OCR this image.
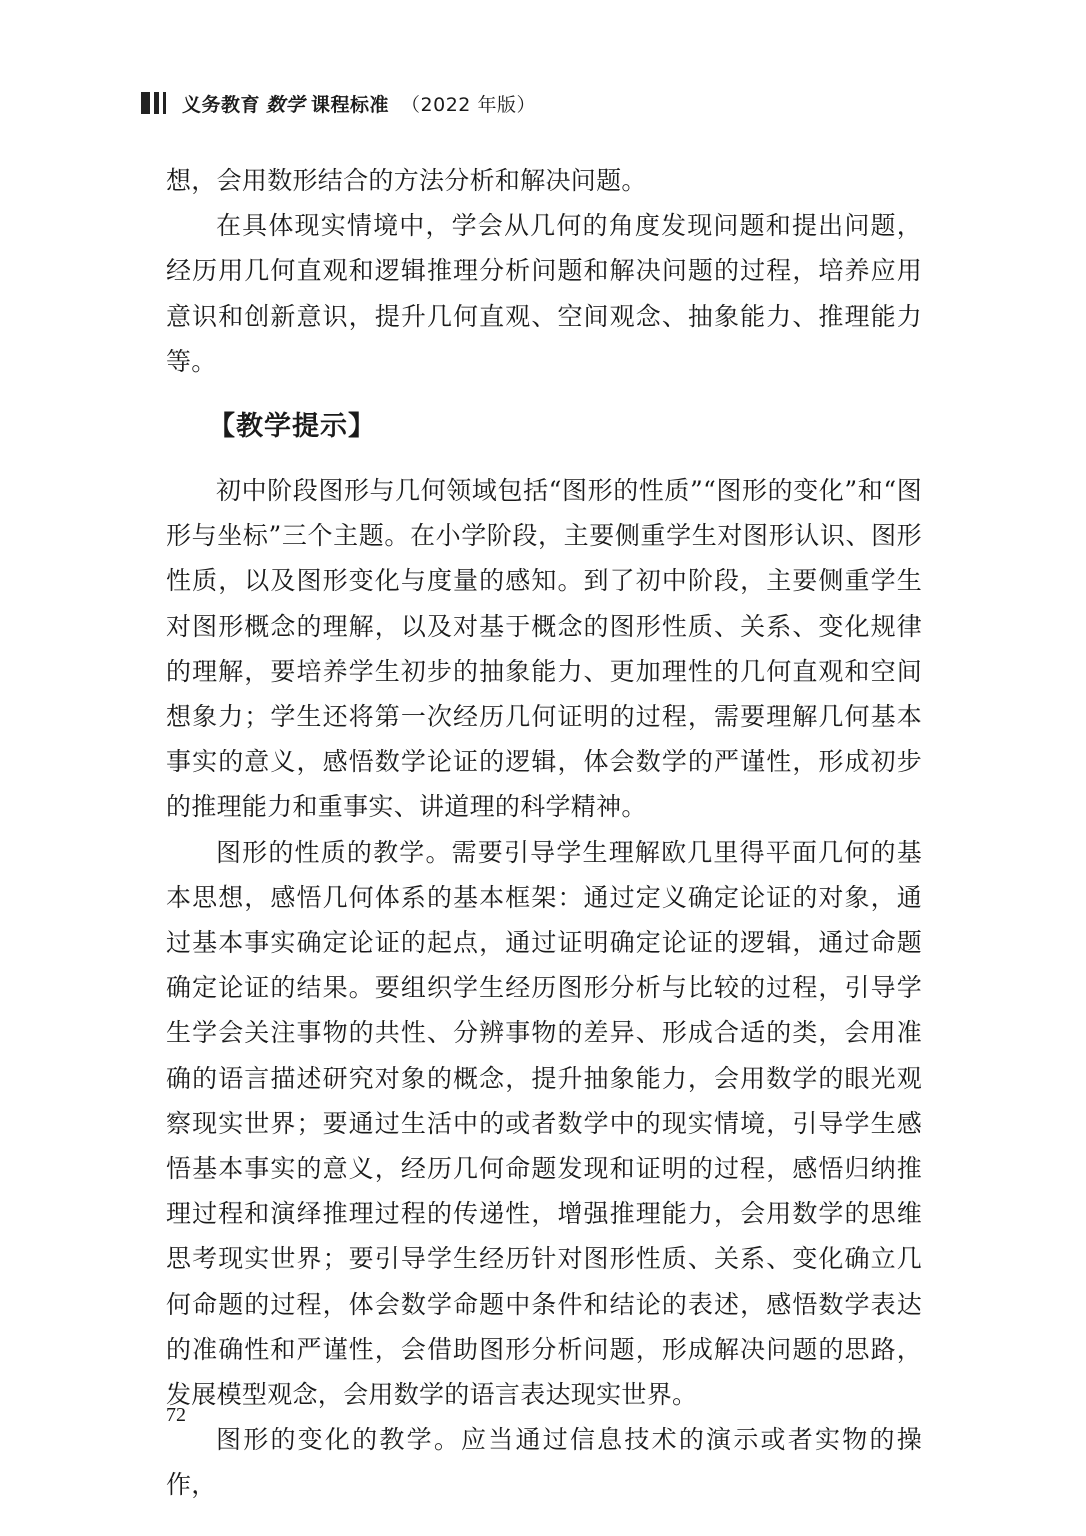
义务教育 数学 课程标准 （2022 年版）

想，会用数形结合的方法分析和解决问题。

在具体现实情境中，学会从几何的角度发现问题和提出问题，经历用几何直观和逻辑推理分析问题和解决问题的过程，培养应用意识和创新意识，提升几何直观、空间观念、抽象能力、推理能力等。

【教学提示】

初中阶段图形与几何领域包括“图形的性质”“图形的变化”和“图形与坐标”三个主题。在小学阶段，主要侧重学生对图形认识、图形性质，以及图形变化与度量的感知。到了初中阶段，主要侧重学生对图形概念的理解，以及对基于概念的图形性质、关系、变化规律的理解，要培养学生初步的抽象能力、更加理性的几何直观和空间想象力；学生还将第一次经历几何证明的过程，需要理解几何基本事实的意义，感悟数学论证的逻辑，体会数学的严谨性，形成初步的推理能力和重事实、讲道理的科学精神。

图形的性质的教学。需要引导学生理解欧几里得平面几何的基本思想，感悟几何体系的基本框架：通过定义确定论证的对象，通过基本事实确定论证的起点，通过证明确定论证的逻辑，通过命题确定论证的结果。要组织学生经历图形分析与比较的过程，引导学生学会关注事物的共性、分辨事物的差异、形成合适的类，会用准确的语言描述研究对象的概念，提升抽象能力，会用数学的眼光观察现实世界；要通过生活中的或者数学中的现实情境，引导学生感悟基本事实的意义，经历几何命题发现和证明的过程，感悟归纳推理过程和演绎推理过程的传递性，增强推理能力，会用数学的思维思考现实世界；要引导学生经历针对图形性质、关系、变化确立几何命题的过程，体会数学命题中条件和结论的表述，感悟数学表达的准确性和严谨性，会借助图形分析问题，形成解决问题的思路，发展模型观念，会用数学的语言表达现实世界。

图形的变化的教学。应当通过信息技术的演示或者实物的操作，

72
